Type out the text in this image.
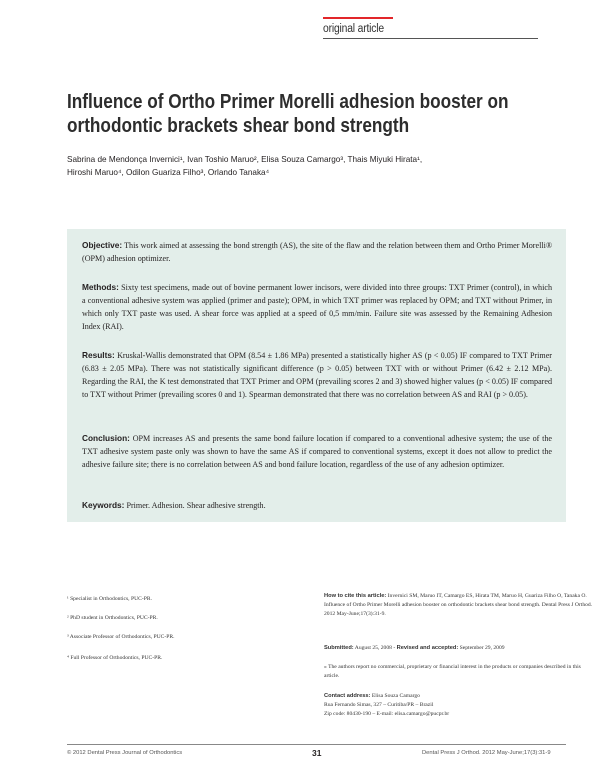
original article
Influence of Ortho Primer Morelli adhesion booster on orthodontic brackets shear bond strength
Sabrina de Mendonça Invernici¹, Ivan Toshio Maruo², Elisa Souza Camargo³, Thais Miyuki Hirata¹,
Hiroshi Maruo⁴, Odilon Guariza Filho³, Orlando Tanaka⁴

Objective: This work aimed at assessing the bond strength (AS), the site of the flaw and the relation between them and Ortho Primer Morelli® (OPM) adhesion optimizer.

Methods: Sixty test specimens, made out of bovine permanent lower incisors, were divided into three groups: TXT Primer (control), in which a conventional adhesive system was applied (primer and paste); OPM, in which TXT primer was replaced by OPM; and TXT without Primer, in which only TXT paste was used. A shear force was applied at a speed of 0,5 mm/min. Failure site was assessed by the Remaining Adhesion Index (RAI).

Results: Kruskal-Wallis demonstrated that OPM (8.54 ± 1.86 MPa) presented a statistically higher AS (p < 0.05) IF compared to TXT Primer (6.83 ± 2.05 MPa). There was not statistically significant difference (p > 0.05) between TXT with or without Primer (6.42 ± 2.12 MPa). Regarding the RAI, the K test demonstrated that TXT Primer and OPM (prevailing scores 2 and 3) showed higher values (p < 0.05) IF compared to TXT without Primer (prevailing scores 0 and 1). Spearman demonstrated that there was no correlation between AS and RAI (p > 0.05).

Conclusion: OPM increases AS and presents the same bond failure location if compared to a conventional adhesive system; the use of the TXT adhesive system paste only was shown to have the same AS if compared to conventional systems, except it does not allow to predict the adhesive failure site; there is no correlation between AS and bond failure location, regardless of the use of any adhesion optimizer.

Keywords: Primer. Adhesion. Shear adhesive strength.

¹ Specialist in Orthodontics, PUC-PR.
² PhD student in Orthodontics, PUC-PR.
³ Associate Professor of Orthodontics, PUC-PR.
⁴ Full Professor of Orthodontics, PUC-PR.
How to cite this article: Invernici SM, Maruo IT, Camargo ES, Hirata TM, Maruo H, Guariza Filho O, Tanaka O. Influence of Ortho Primer Morelli adhesion booster on orthodontic brackets shear bond strength. Dental Press J Orthod. 2012 May-June;17(3):31-9.
Submitted: August 25, 2008 - Revised and accepted: September 29, 2009
» The authors report no commercial, proprietary or financial interest in the products or companies described in this article.
Contact address: Elisa Souza Camargo
Rua Fernando Simas, 327 – Curitiba/PR – Brazil
Zip code: 80430-190 – E-mail: elisa.camargo@pucpr.br
© 2012 Dental Press Journal of Orthodontics	31	Dental Press J Orthod. 2012 May-June;17(3):31-9
